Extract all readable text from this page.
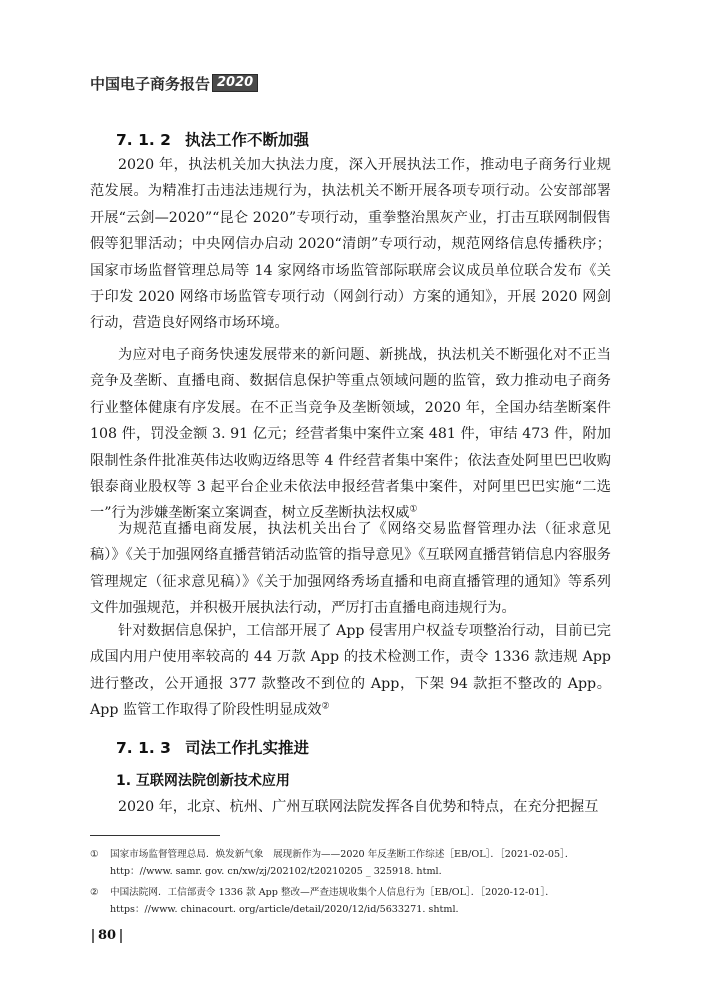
中国电子商务报告 2020
7. 1. 2 执法工作不断加强

2020 年，执法机关加大执法力度，深入开展执法工作，推动电子商务行业规范发展。为精准打击违法违规行为，执法机关不断开展各项专项行动。公安部部署开展“云剑—2020”“昆仑 2020”专项行动，重拳整治黑灰产业，打击互联网制假售假等犯罪活动；中央网信办启动 2020“清朗”专项行动，规范网络信息传播秩序；国家市场监督管理总局等 14 家网络市场监管部际联席会议成员单位联合发布《关于印发 2020 网络市场监管专项行动（网剑行动）方案的通知》，开展 2020 网剑行动，营造良好网络市场环境。

为应对电子商务快速发展带来的新问题、新挑战，执法机关不断强化对不正当竞争及垄断、直播电商、数据信息保护等重点领域问题的监管，致力推动电子商务行业整体健康有序发展。在不正当竞争及垄断领域，2020 年，全国办结垄断案件 108 件，罚没金额 3. 91 亿元；经营者集中案件立案 481 件，审结 473 件，附加限制性条件批准英伟达收购迈络思等 4 件经营者集中案件；依法查处阿里巴巴收购银泰商业股权等 3 起平台企业未依法申报经营者集中案件，对阿里巴巴实施“二选一”行为涉嫌垄断案立案调查，树立反垄断执法权威①

为规范直播电商发展，执法机关出台了《网络交易监督管理办法（征求意见稿）》《关于加强网络直播营销活动监管的指导意见》《互联网直播营销信息内容服务管理规定（征求意见稿）》《关于加强网络秀场直播和电商直播管理的通知》等系列文件加强规范，并积极开展执法行动，严厉打击直播电商违规行为。

针对数据信息保护，工信部开展了 App 侵害用户权益专项整治行动，目前已完成国内用户使用率较高的 44 万款 App 的技术检测工作，责令 1336 款违规 App 进行整改，公开通报 377 款整改不到位的 App，下架 94 款拒不整改的 App。App 监管工作取得了阶段性明显成效②

7. 1. 3 司法工作扎实推进
1. 互联网法院创新技术应用

2020 年，北京、杭州、广州互联网法院发挥各自优势和特点，在充分把握互

① 国家市场监督管理总局．焕发新气象　展现新作为——2020 年反垄断工作综述［EB/OL］．［2021-02-05］．
http：//www. samr. gov. cn/xw/zj/202102/t20210205 _ 325918. html.
② 中国法院网．工信部责令 1336 款 App 整改—严查违规收集个人信息行为［EB/OL］．［2020-12-01］．
https：//www. chinacourt. org/article/detail/2020/12/id/5633271. shtml.
80
